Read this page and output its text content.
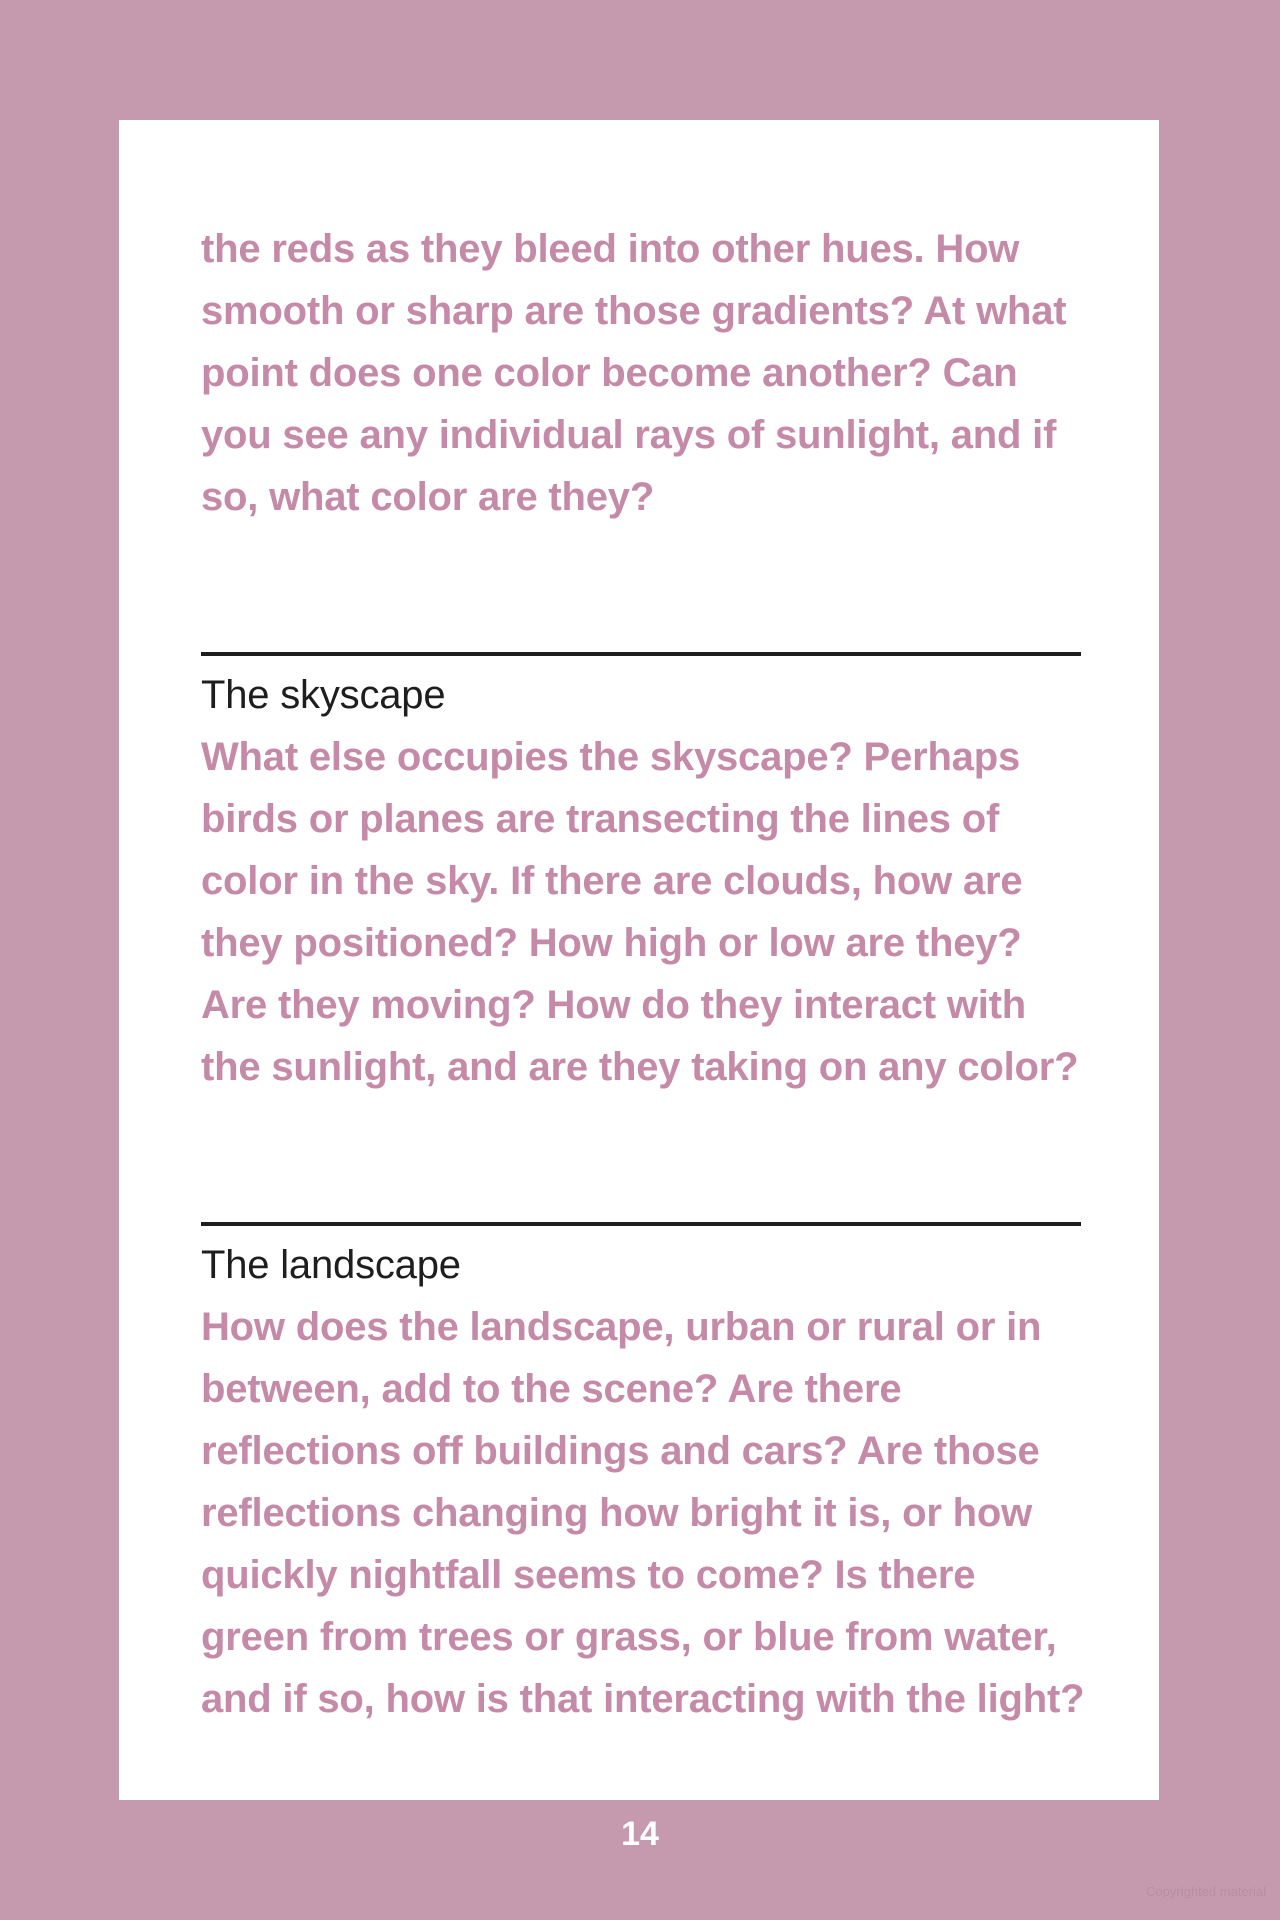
the reds as they bleed into other hues. How smooth or sharp are those gradients? At what point does one color become another? Can you see any individual rays of sunlight, and if so, what color are they?

The skyscape

What else occupies the skyscape? Perhaps birds or planes are transecting the lines of color in the sky. If there are clouds, how are they positioned? How high or low are they? Are they moving? How do they interact with the sunlight, and are they taking on any color?

The landscape

How does the landscape, urban or rural or in between, add to the scene? Are there reflections off buildings and cars? Are those reflections changing how bright it is, or how quickly nightfall seems to come? Is there green from trees or grass, or blue from water, and if so, how is that interacting with the light?

14
Copyrighted material
